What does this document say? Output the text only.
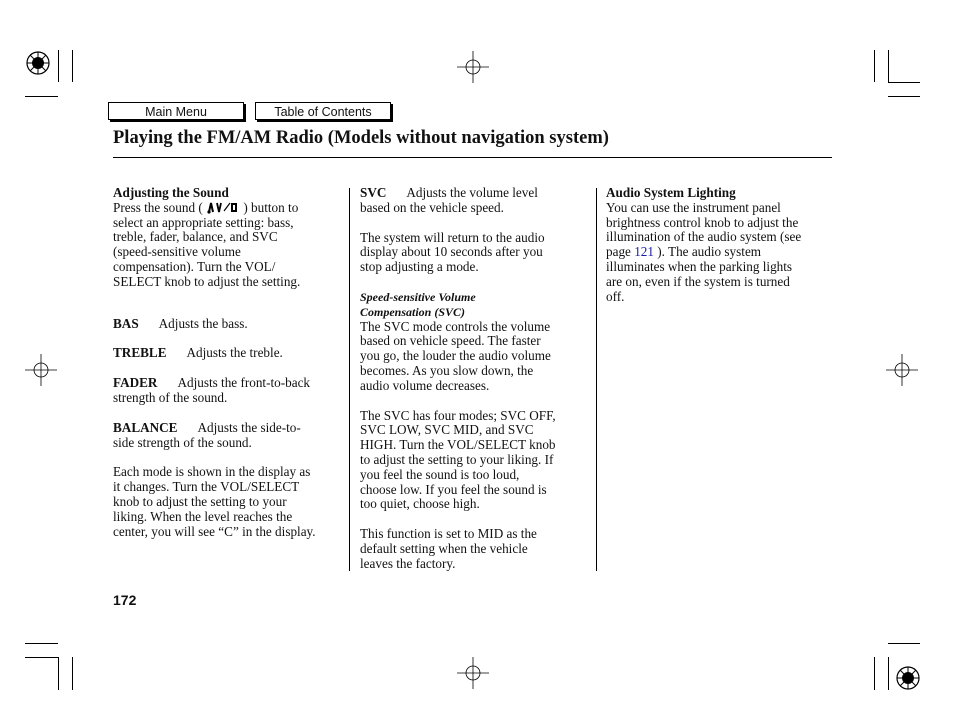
Main Menu	Table of Contents
Playing the FM/AM Radio (Models without navigation system)

Adjusting the Sound

Press the sound (	) button to

select an appropriate setting: bass,

treble, fader, balance, and SVC

(speed-sensitive volume

compensation). Turn the VOL/

SELECT knob to adjust the setting.

BAS Adjusts the bass.

TREBLE Adjusts the treble.

FADER Adjusts the front-to-back

strength of the sound.

BALANCE Adjusts the side-to-

side strength of the sound.

Each mode is shown in the display as

it changes. Turn the VOL/SELECT

knob to adjust the setting to your

liking. When the level reaches the

center, you will see “C” in the display.

SVC Adjusts the volume level

based on the vehicle speed.

The system will return to the audio

display about 10 seconds after you

stop adjusting a mode.

Speed-sensitive Volume

Compensation (SVC)

The SVC mode controls the volume

based on vehicle speed. The faster

you go, the louder the audio volume

becomes. As you slow down, the

audio volume decreases.

The SVC has four modes; SVC OFF,

SVC LOW, SVC MID, and SVC

HIGH. Turn the VOL/SELECT knob

to adjust the setting to your liking. If

you feel the sound is too loud,

choose low. If you feel the sound is

too quiet, choose high.

This function is set to MID as the

default setting when the vehicle

leaves the factory.

Audio System Lighting

You can use the instrument panel

brightness control knob to adjust the

illumination of the audio system (see

page 121 ). The audio system

illuminates when the parking lights

are on, even if the system is turned

off.

172
